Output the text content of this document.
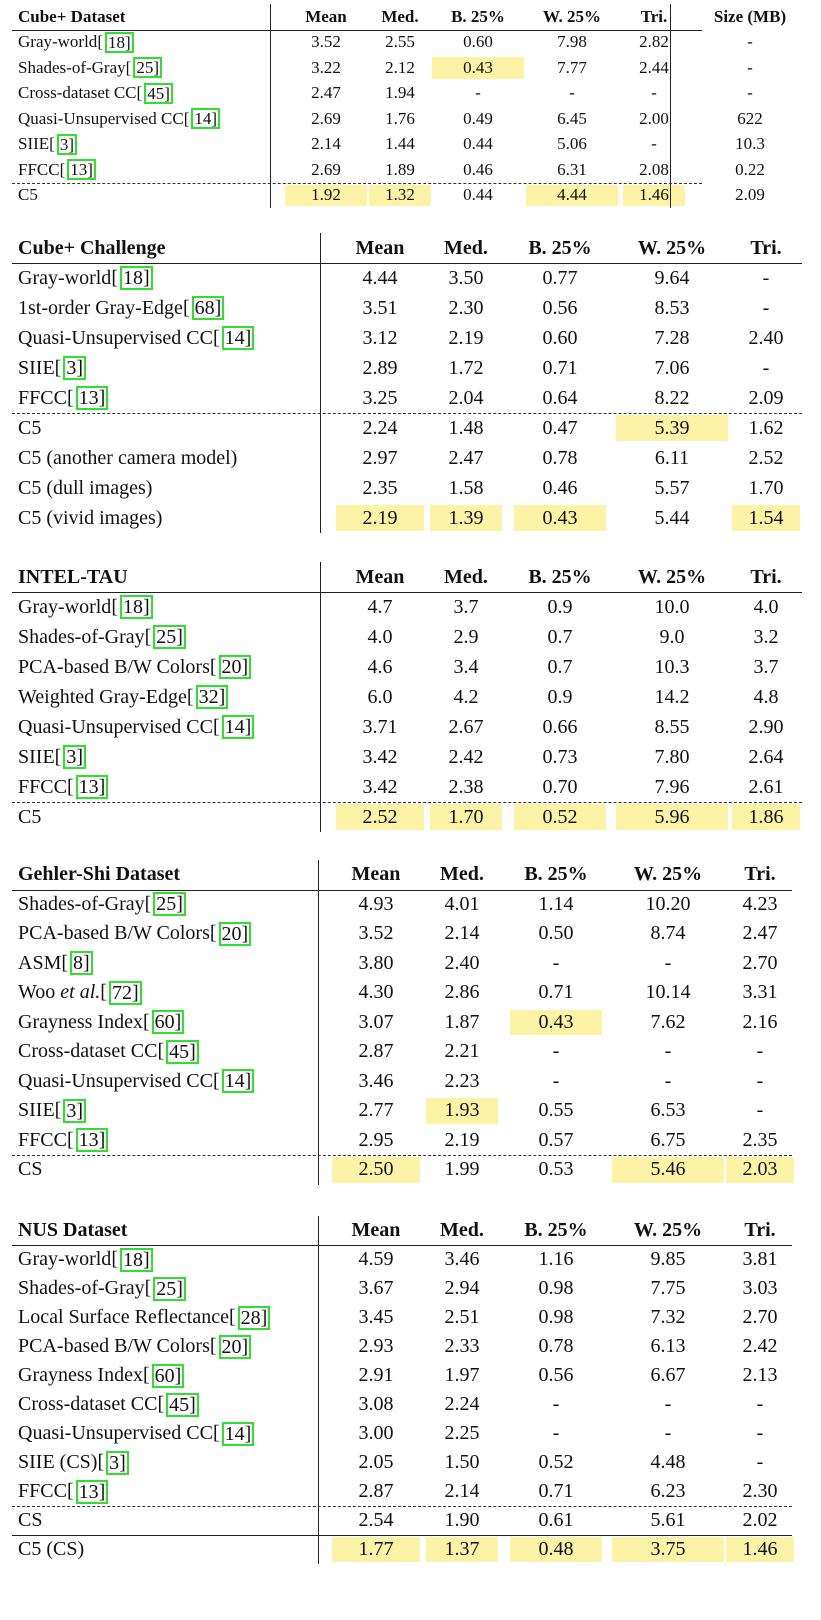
Cube+ Dataset	Mean	Med.	B. 25%	W. 25%	Tri.	Size (MB)
Gray-world [ 18]	3.52	2.55	0.60	7.98	2.82	-
Shades-of-Gray [ 25]	3.22	2.12	0.43	7.77	2.44	-
Cross-dataset CC [ 45]	2.47	1.94	-	-	-	-
Quasi-Unsupervised CC [ 14]	2.69	1.76	0.49	6.45	2.00	622
SIIE [ 3]	2.14	1.44	0.44	5.06	-	10.3
FFCC [ 13]	2.69	1.89	0.46	6.31	2.08	0.22
C5	1.92	1.32	0.44	4.44	1.46	2.09
Cube+ Challenge	Mean	Med.	B. 25%	W. 25%	Tri.
Gray-world [ 18]	4.44	3.50	0.77	9.64	-
1st-order Gray-Edge [ 68]	3.51	2.30	0.56	8.53	-
Quasi-Unsupervised CC [ 14]	3.12	2.19	0.60	7.28	2.40
SIIE [ 3]	2.89	1.72	0.71	7.06	-
FFCC [ 13]	3.25	2.04	0.64	8.22	2.09
C5	2.24	1.48	0.47	5.39	1.62
C5 (another camera model)	2.97	2.47	0.78	6.11	2.52
C5 (dull images)	2.35	1.58	0.46	5.57	1.70
C5 (vivid images)	2.19	1.39	0.43	5.44	1.54
INTEL-TAU	Mean	Med.	B. 25%	W. 25%	Tri.
Gray-world [ 18]	4.7	3.7	0.9	10.0	4.0
Shades-of-Gray [ 25]	4.0	2.9	0.7	9.0	3.2
PCA-based B/W Colors [ 20]	4.6	3.4	0.7	10.3	3.7
Weighted Gray-Edge [ 32]	6.0	4.2	0.9	14.2	4.8
Quasi-Unsupervised CC [ 14]	3.71	2.67	0.66	8.55	2.90
SIIE [ 3]	3.42	2.42	0.73	7.80	2.64
FFCC [ 13]	3.42	2.38	0.70	7.96	2.61
C5	2.52	1.70	0.52	5.96	1.86
Gehler-Shi Dataset	Mean	Med.	B. 25%	W. 25%	Tri.
Shades-of-Gray [ 25]	4.93	4.01	1.14	10.20	4.23
PCA-based B/W Colors [ 20]	3.52	2.14	0.50	8.74	2.47
ASM [ 8]	3.80	2.40	-	-	2.70
Woo et al. [ 72]	4.30	2.86	0.71	10.14	3.31
Grayness Index [ 60]	3.07	1.87	0.43	7.62	2.16
Cross-dataset CC [ 45]	2.87	2.21	-	-	-
Quasi-Unsupervised CC [ 14]	3.46	2.23	-	-	-
SIIE [ 3]	2.77	1.93	0.55	6.53	-
FFCC [ 13]	2.95	2.19	0.57	6.75	2.35
CS	2.50	1.99	0.53	5.46	2.03
NUS Dataset	Mean	Med.	B. 25%	W. 25%	Tri.
Gray-world [ 18]	4.59	3.46	1.16	9.85	3.81
Shades-of-Gray [ 25]	3.67	2.94	0.98	7.75	3.03
Local Surface Reflectance [ 28]	3.45	2.51	0.98	7.32	2.70
PCA-based B/W Colors [ 20]	2.93	2.33	0.78	6.13	2.42
Grayness Index [ 60]	2.91	1.97	0.56	6.67	2.13
Cross-dataset CC [ 45]	3.08	2.24	-	-	-
Quasi-Unsupervised CC [ 14]	3.00	2.25	-	-	-
SIIE (CS) [ 3]	2.05	1.50	0.52	4.48	-
FFCC [ 13]	2.87	2.14	0.71	6.23	2.30
CS	2.54	1.90	0.61	5.61	2.02
C5 (CS)	1.77	1.37	0.48	3.75	1.46
